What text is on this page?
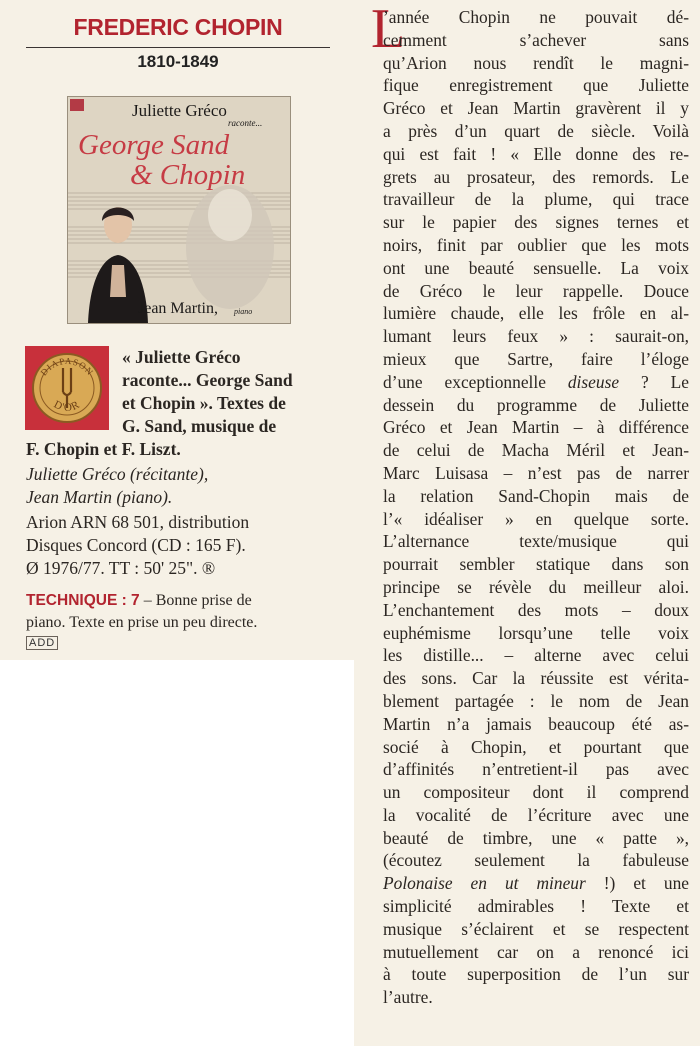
FREDERIC CHOPIN
1810-1849
Juliette Gréco
raconte...
George Sand
& Chopin
Jean Martin, piano
DIAPASON
D'OR
« Juliette Gréco
raconte... George Sand
et Chopin ». Textes de
G. Sand, musique de
F. Chopin et F. Liszt.
Juliette Gréco (récitante),
Jean Martin (piano).
Arion ARN 68 501, distribution
Disques Concord (CD : 165 F).
Ø 1976/77. TT : 50' 25". ®
TECHNIQUE : 7 – Bonne prise de
piano. Texte en prise un peu directe.
ADD
L
’année Chopin ne pouvait dé-
cemment s’achever sans
qu’Arion nous rendît le magni-
fique enregistrement que Juliette
Gréco et Jean Martin gravèrent il y
a près d’un quart de siècle. Voilà
qui est fait ! « Elle donne des re-
grets au prosateur, des remords. Le
travailleur de la plume, qui trace
sur le papier des signes ternes et
noirs, finit par oublier que les mots
ont une beauté sensuelle. La voix
de Gréco le leur rappelle. Douce
lumière chaude, elle les frôle en al-
lumant leurs feux » : saurait-on,
mieux que Sartre, faire l’éloge
d’une exceptionnelle diseuse ? Le
dessein du programme de Juliette
Gréco et Jean Martin – à différence
de celui de Macha Méril et Jean-
Marc Luisasa – n’est pas de narrer
la relation Sand-Chopin mais de
l’« idéaliser » en quelque sorte.
L’alternance texte/musique qui
pourrait sembler statique dans son
principe se révèle du meilleur aloi.
L’enchantement des mots – doux
euphémisme lorsqu’une telle voix
les distille... – alterne avec celui
des sons. Car la réussite est vérita-
blement partagée : le nom de Jean
Martin n’a jamais beaucoup été as-
socié à Chopin, et pourtant que
d’affinités n’entretient-il pas avec
un compositeur dont il comprend
la vocalité de l’écriture avec une
beauté de timbre, une « patte »,
(écoutez seulement la fabuleuse
Polonaise en ut mineur !) et une
simplicité admirables ! Texte et
musique s’éclairent et se respectent
mutuellement car on a renoncé ici
à toute superposition de l’un sur
l’autre.
